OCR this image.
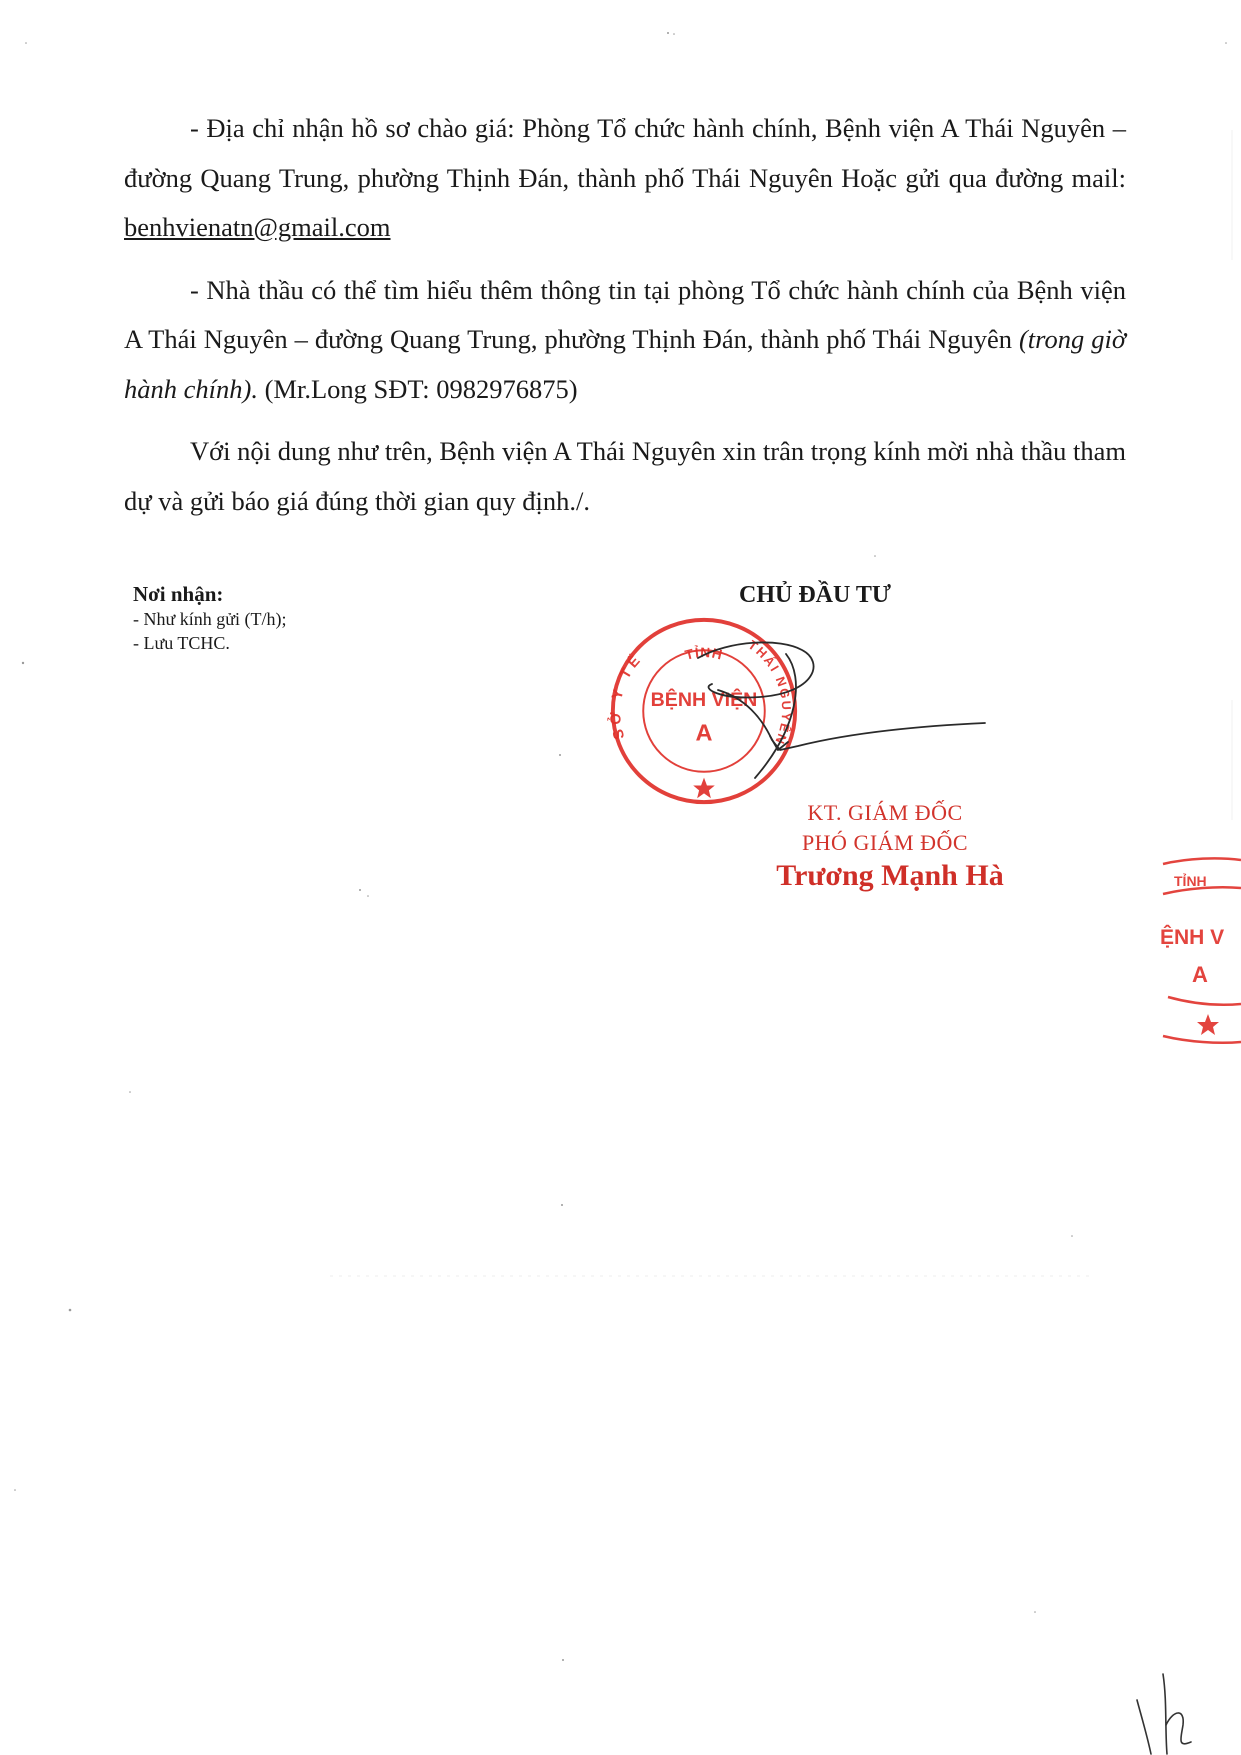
- Địa chỉ nhận hồ sơ chào giá: Phòng Tổ chức hành chính, Bệnh viện A Thái Nguyên – đường Quang Trung, phường Thịnh Đán, thành phố Thái Nguyên Hoặc gửi qua đường mail: benhvienatn@gmail.com

- Nhà thầu có thể tìm hiểu thêm thông tin tại phòng Tổ chức hành chính của Bệnh viện A Thái Nguyên – đường Quang Trung, phường Thịnh Đán, thành phố Thái Nguyên (trong giờ hành chính). (Mr.Long SĐT: 0982976875)

Với nội dung như trên, Bệnh viện A Thái Nguyên xin trân trọng kính mời nhà thầu tham dự và gửi báo giá đúng thời gian quy định./.

Nơi nhận:
- Như kính gửi (T/h);
- Lưu TCHC.
CHỦ ĐẦU TƯ
TỈNH
SỞ Y TẾ
THÁI NGUYÊN
BỆNH VIỆN
A
KT. GIÁM ĐỐC
PHÓ GIÁM ĐỐC
Trương Mạnh Hà	TỈNH
ỆNH V
A
